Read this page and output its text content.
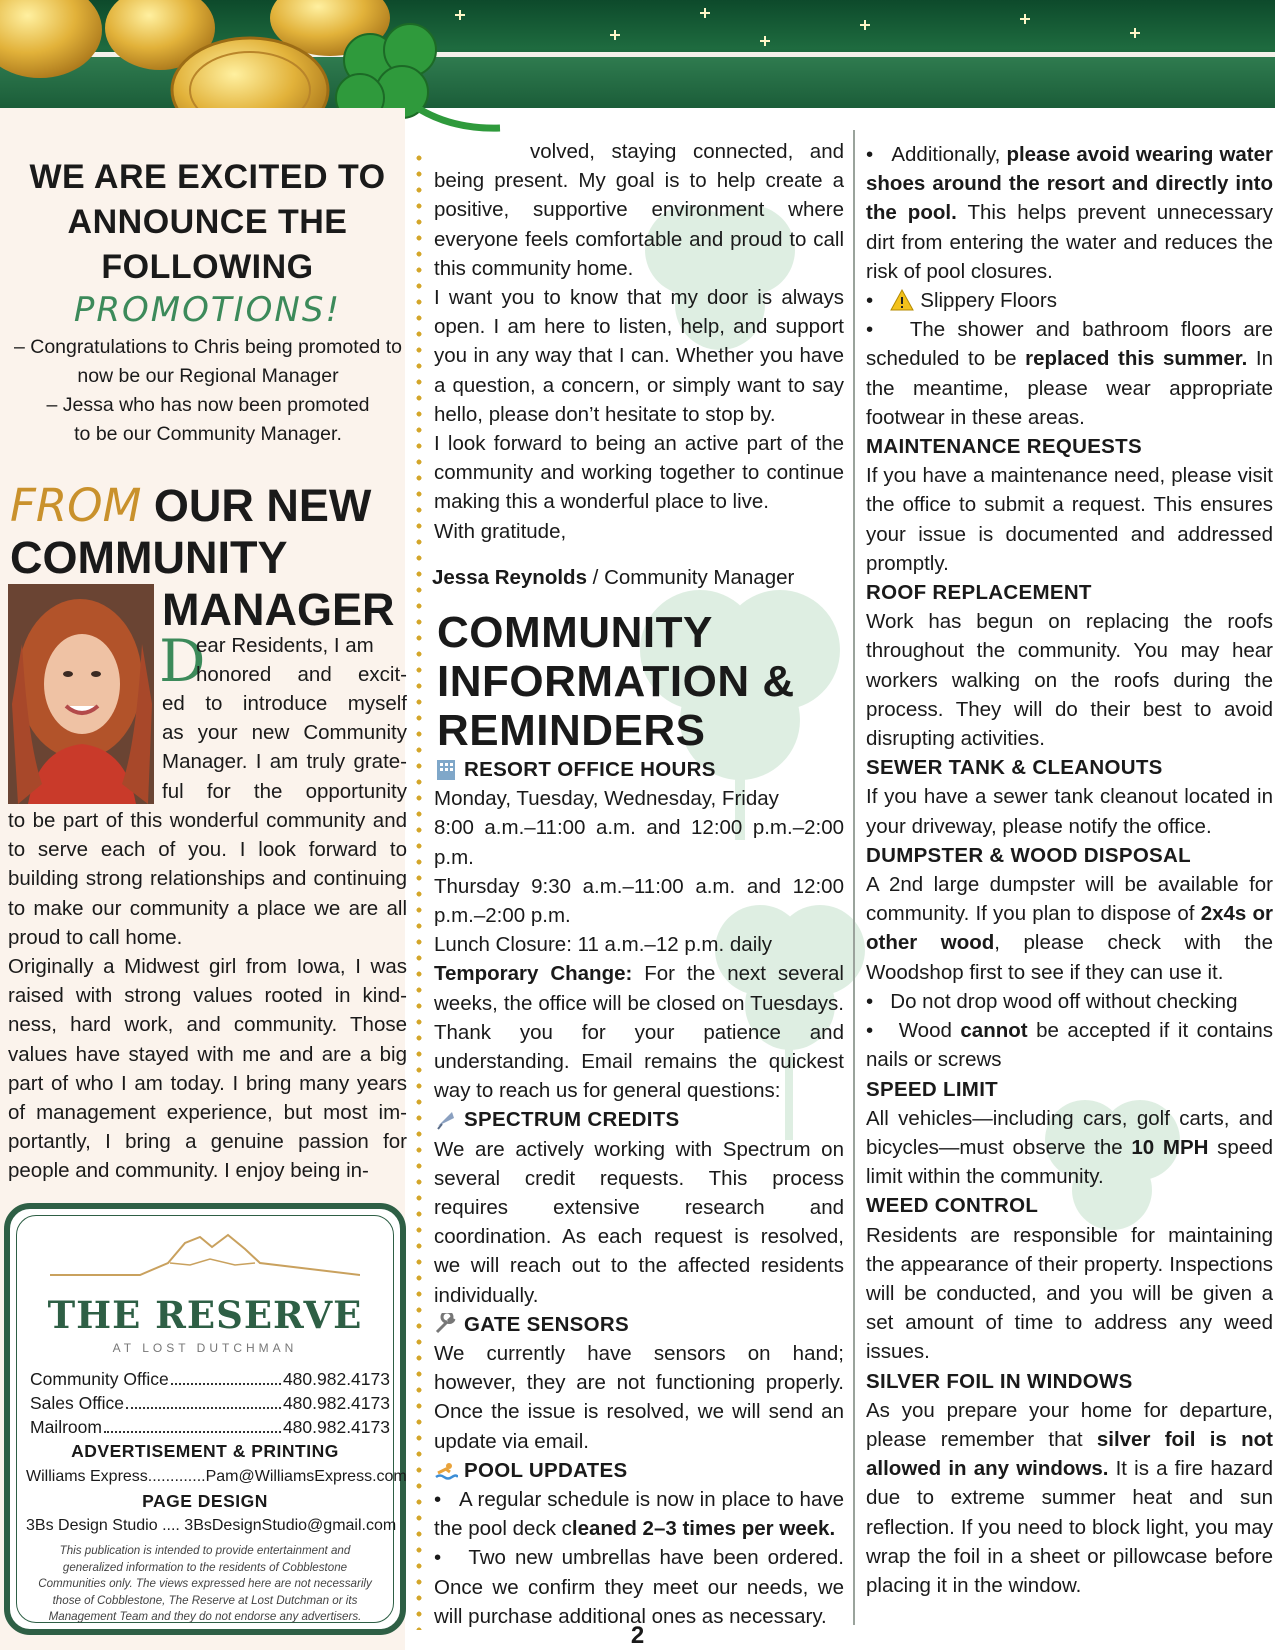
WE ARE EXCITED TO
ANNOUNCE THE
FOLLOWING
PROMOTIONS!
– Congratulations to Chris being promoted to
now be our Regional Manager
– Jessa who has now been promoted
to be our Community Manager.
FROM OUR NEW
COMMUNITY
MANAGER
D
ear Residents, I am
honored and excit-
ed to introduce myself
as your new Community
Manager. I am truly grate-
ful for the opportunity
to be part of this wonderful community and to serve each of you. I look forward to building strong relationships and continuing to make our community a place we are all proud to call home.
Originally a Midwest girl from Iowa, I was raised with strong values rooted in kind-ness, hard work, and community. Those values have stayed with me and are a big part of who I am today. I bring many years of management experience, but most im-portantly, I bring a genuine passion for people and community. I enjoy being in-
THE RESERVE
AT LOST DUTCHMAN
Community Office	480.982.4173
Sales Office	480.982.4173
Mailroom	480.982.4173
ADVERTISEMENT & PRINTING
Williams Express.............Pam@WilliamsExpress.com
PAGE DESIGN
3Bs Design Studio .... 3BsDesignStudio@gmail.com
This publication is intended to provide entertainment and generalized information to the residents of Cobblestone Communities only. The views expressed here are not necessarily those of Cobblestone, The Reserve at Lost Dutchman or its Management Team and they do not endorse any advertisers.
volved, staying connected, and being present. My goal is to help create a positive, supportive environment where everyone feels comfortable and proud to call this community home.
I want you to know that my door is always open. I am here to listen, help, and support you in any way that I can. Whether you have a question, a concern, or simply want to say hello, please don’t hesitate to stop by.
I look forward to being an active part of the community and working together to continue making this a wonderful place to live.
With gratitude,
Jessa Reynolds / Community Manager
COMMUNITY
INFORMATION &
REMINDERS
RESORT OFFICE HOURS
Monday, Tuesday, Wednesday, Friday
8:00 a.m.–11:00 a.m. and 12:00 p.m.–2:00 p.m.
Thursday 9:30 a.m.–11:00 a.m. and 12:00 p.m.–2:00 p.m.
Lunch Closure: 11 a.m.–12 p.m. daily
Temporary Change: For the next several weeks, the office will be closed on Tuesdays. Thank you for your patience and understanding. Email remains the quickest way to reach us for general questions:
SPECTRUM CREDITS
We are actively working with Spectrum on several credit requests. This process requires extensive research and coordination. As each request is resolved, we will reach out to the affected residents individually.
GATE SENSORS
We currently have sensors on hand; however, they are not functioning properly. Once the issue is resolved, we will send an update via email.
POOL UPDATES
•   A regular schedule is now in place to have the pool deck cleaned 2–3 times per week.
•   Two new umbrellas have been ordered. Once we confirm they meet our needs, we will purchase additional ones as necessary.
•   Additionally, please avoid wearing water shoes around the resort and directly into the pool. This helps prevent unnecessary dirt from entering the water and reduces the risk of pool closures.
•   Slippery Floors
•   The shower and bathroom floors are scheduled to be replaced this summer. In the meantime, please wear appropriate footwear in these areas.
MAINTENANCE REQUESTS
If you have a maintenance need, please visit the office to submit a request. This ensures your issue is documented and addressed promptly.
ROOF REPLACEMENT
Work has begun on replacing the roofs throughout the community. You may hear workers walking on the roofs during the process. They will do their best to avoid disrupting activities.
SEWER TANK & CLEANOUTS
If you have a sewer tank cleanout located in your driveway, please notify the office.
DUMPSTER & WOOD DISPOSAL
A 2nd large dumpster will be available for community. If you plan to dispose of 2x4s or other wood, please check with the Woodshop first to see if they can use it.
•   Do not drop wood off without checking
•   Wood cannot be accepted if it contains nails or screws
SPEED LIMIT
All vehicles—including cars, golf carts, and bicycles—must observe the 10 MPH speed limit within the community.
WEED CONTROL
Residents are responsible for maintaining the appearance of their property. Inspections will be conducted, and you will be given a set amount of time to address any weed issues.
SILVER FOIL IN WINDOWS
As you prepare your home for departure, please remember that silver foil is not allowed in any windows. It is a fire hazard due to extreme summer heat and sun reflection. If you need to block light, you may wrap the foil in a sheet or pillowcase before placing it in the window.
2
